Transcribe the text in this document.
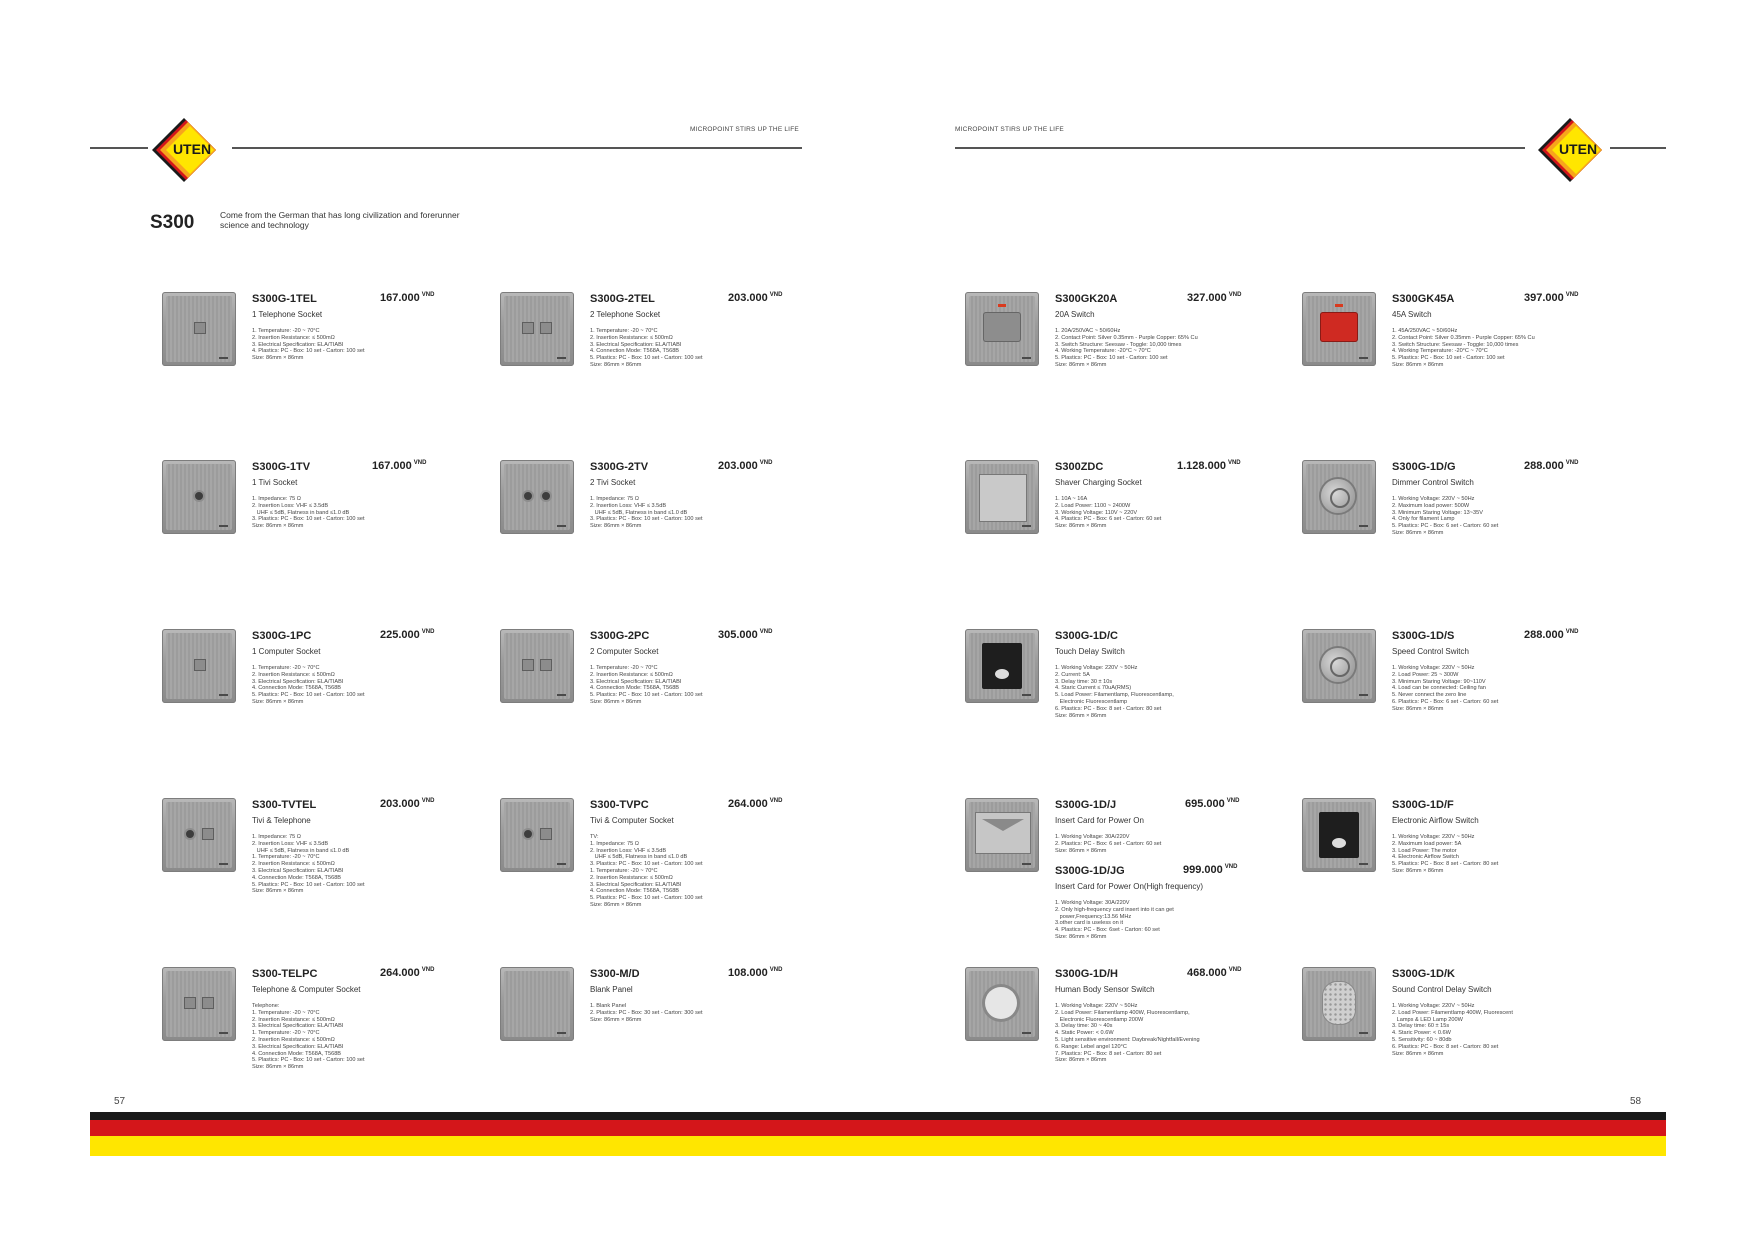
MICROPOINT STIRS UP THE LIFE
UTEN
MICROPOINT STIRS UP THE LIFE
UTEN
S300	Come from the German that has long civilization and forerunner science and technology
S300G-1TEL	167.000 $^{VND}$
1 Telephone Socket
1. Temperature: -20 ~ 70°C
2. Insertion Resistance: ≤ 500mΩ
3. Electrical Specification: ELA/TIABI
4. Plastics: PC - Box: 10 set - Carton: 100 set
Size: 86mm × 86mm
S300G-2TEL	203.000 $^{VND}$
2 Telephone Socket
1. Temperature: -20 ~ 70°C
2. Insertion Resistance: ≤ 500mΩ
3. Electrical Specification: ELA/TIABI
4. Connection Mode: T568A, T568B
5. Plastics: PC - Box: 10 set - Carton: 100 set
Size: 86mm × 86mm
S300G-1TV	167.000 $^{VND}$
1 Tivi Socket
1. Impedance: 75 Ω
2. Insertion Loss: VHF ≤ 3.5dB
UHF ≤ 5dB, Flatness in band ≤1.0 dB
3. Plastics: PC - Box: 10 set - Carton: 100 set
Size: 86mm × 86mm
S300G-2TV	203.000 $^{VND}$
2 Tivi Socket
1. Impedance: 75 Ω
2. Insertion Loss: VHF ≤ 3.5dB
UHF ≤ 5dB, Flatness in band ≤1.0 dB
3. Plastics: PC - Box: 10 set - Carton: 100 set
Size: 86mm × 86mm
S300G-1PC	225.000 $^{VND}$
1 Computer Socket
1. Temperature: -20 ~ 70°C
2. Insertion Resistance: ≤ 500mΩ
3. Electrical Specification: ELA/TIABI
4. Connection Mode: T568A, T568B
5. Plastics: PC - Box: 10 set - Carton: 100 set
Size: 86mm × 86mm
S300G-2PC	305.000 $^{VND}$
2 Computer Socket
1. Temperature: -20 ~ 70°C
2. Insertion Resistance: ≤ 500mΩ
3. Electrical Specification: ELA/TIABI
4. Connection Mode: T568A, T568B
5. Plastics: PC - Box: 10 set - Carton: 100 set
Size: 86mm × 86mm
S300-TVTEL	203.000 $^{VND}$
Tivi & Telephone
1. Impedance: 75 Ω
2. Insertion Loss: VHF ≤ 3.5dB
UHF ≤ 5dB, Flatness in band ≤1.0 dB
1. Temperature: -20 ~ 70°C
2. Insertion Resistance: ≤ 500mΩ
3. Electrical Specification: ELA/TIABI
4. Connection Mode: T568A, T568B
5. Plastics: PC - Box: 10 set - Carton: 100 set
Size: 86mm × 86mm
S300-TVPC	264.000 $^{VND}$
Tivi & Computer Socket
TV:
1. Impedance: 75 Ω
2. Insertion Loss: VHF ≤ 3.5dB
UHF ≤ 5dB, Flatness in band ≤1.0 dB
3. Plastics: PC - Box: 10 set - Carton: 100 set
1. Temperature: -20 ~ 70°C
2. Insertion Resistance: ≤ 500mΩ
3. Electrical Specification: ELA/TIABI
4. Connection Mode: T568A, T568B
5. Plastics: PC - Box: 10 set - Carton: 100 set
Size: 86mm × 86mm
S300-TELPC	264.000 $^{VND}$
Telephone & Computer Socket
Telephone:
1. Temperature: -20 ~ 70°C
2. Insertion Resistance: ≤ 500mΩ
3. Electrical Specification: ELA/TIABI
1. Temperature: -20 ~ 70°C
2. Insertion Resistance: ≤ 500mΩ
3. Electrical Specification: ELA/TIABI
4. Connection Mode: T568A, T568B
5. Plastics: PC - Box: 10 set - Carton: 100 set
Size: 86mm × 86mm
S300-M/D	108.000 $^{VND}$
Blank Panel
1. Blank Panel
2. Plastics: PC - Box: 30 set - Carton: 300 set
Size: 86mm × 86mm
S300GK20A	327.000 $^{VND}$
20A Switch
1. 20A/250VAC ~ 50/60Hz
2. Contact Point: Silver 0.35mm - Purple Copper: 65% Cu
3. Switch Structure: Seesaw - Toggle: 10,000 times
4. Working Temperature: -20°C ~ 70°C
5. Plastics: PC - Box: 10 set - Carton: 100 set
Size: 86mm × 86mm
S300GK45A	397.000 $^{VND}$
45A Switch
1. 45A/250VAC ~ 50/60Hz
2. Contact Point: Silver 0.35mm - Purple Copper: 65% Cu
3. Switch Structure: Seesaw - Toggle: 10,000 times
4. Working Temperature: -20°C ~ 70°C
5. Plastics: PC - Box: 10 set - Carton: 100 set
Size: 86mm × 86mm
S300ZDC	1.128.000 $^{VND}$
Shaver Charging Socket
1. 10A ~ 16A
2. Load Power: 1100 ~ 2400W
3. Working Voltage: 110V ~ 220V
4. Plastics: PC - Box: 6 set - Carton: 60 set
Size: 86mm × 86mm
S300G-1D/G	288.000 $^{VND}$
Dimmer Control Switch
1. Working Voltage: 220V ~ 50Hz
2. Maximum load power: 500W
3. Minimum Staring Voltage: 13~35V
4. Only for filament Lamp
5. Plastics: PC - Box: 6 set - Carton: 60 set
Size: 86mm × 86mm
S300G-1D/C
Touch Delay Switch
1. Working Voltage: 220V ~ 50Hz
2. Current: 5A
3. Delay time: 30 ± 10s
4. Staric Current ≤ 70uA(RMS)
5. Load Power: Filamentlamp, Fluorescentlamp,
Electronic Fluorescentlamp
6. Plastics: PC - Box: 8 set - Carton: 80 set
Size: 86mm × 86mm
S300G-1D/S	288.000 $^{VND}$
Speed Control Switch
1. Working Voltage: 220V ~ 50Hz
2. Load Power: 25 ~ 300W
3. Minimum Staring Voltage: 90~110V
4. Load can be connected: Ceiling fan
5. Never connect the zero line
6. Plastics: PC - Box: 6 set - Carton: 60 set
Size: 86mm × 86mm
S300G-1D/J	695.000 $^{VND}$
Insert Card for Power On
1. Working Voltage: 30A/220V
2. Plastics: PC - Box: 6 set - Carton: 60 set
Size: 86mm × 86mm
S300G-1D/JG	999.000 $^{VND}$
Insert Card for Power On(High frequency)
1. Working Voltage: 30A/220V
2. Only high-frequency card insert into it can get
power,Frequency:13.56 MHz
3.other card is useless on it
4. Plastics: PC - Box: 6set - Carton: 60 set
Size: 86mm × 86mm
S300G-1D/F
Electronic Airflow Switch
1. Working Voltage: 220V ~ 50Hz
2. Maximum load power: 5A
3. Load Power: The motor
4. Electronic Airflow Switch
5. Plastics: PC - Box: 8 set - Carton: 80 set
Size: 86mm × 86mm
S300G-1D/H	468.000 $^{VND}$
Human Body Sensor Switch
1. Working Voltage: 220V ~ 50Hz
2. Load Power: Filamentlamp 400W, Fluorescentlamp,
Electronic Fluorescentlamp 200W
3. Delay time: 30 ~ 40s
4. Static Power: < 0.6W
5. Light sensitive environment: Daybreak/Nightfall/Evening
6. Range: Lebel angel 120°C
7. Plastics: PC - Box: 8 set - Carton: 80 set
Size: 86mm × 86mm
S300G-1D/K
Sound Control Delay Switch
1. Working Voltage: 220V ~ 50Hz
2. Load Power: Filamentlamp 400W, Fluorescent
Lamps & LED Lamp 200W
3. Delay time: 60 ± 15s
4. Staric Power: < 0.6W
5. Sensitivity: 60 ~ 80db
6. Plastics: PC - Box: 8 set - Carton: 80 set
Size: 86mm × 86mm
57	58
